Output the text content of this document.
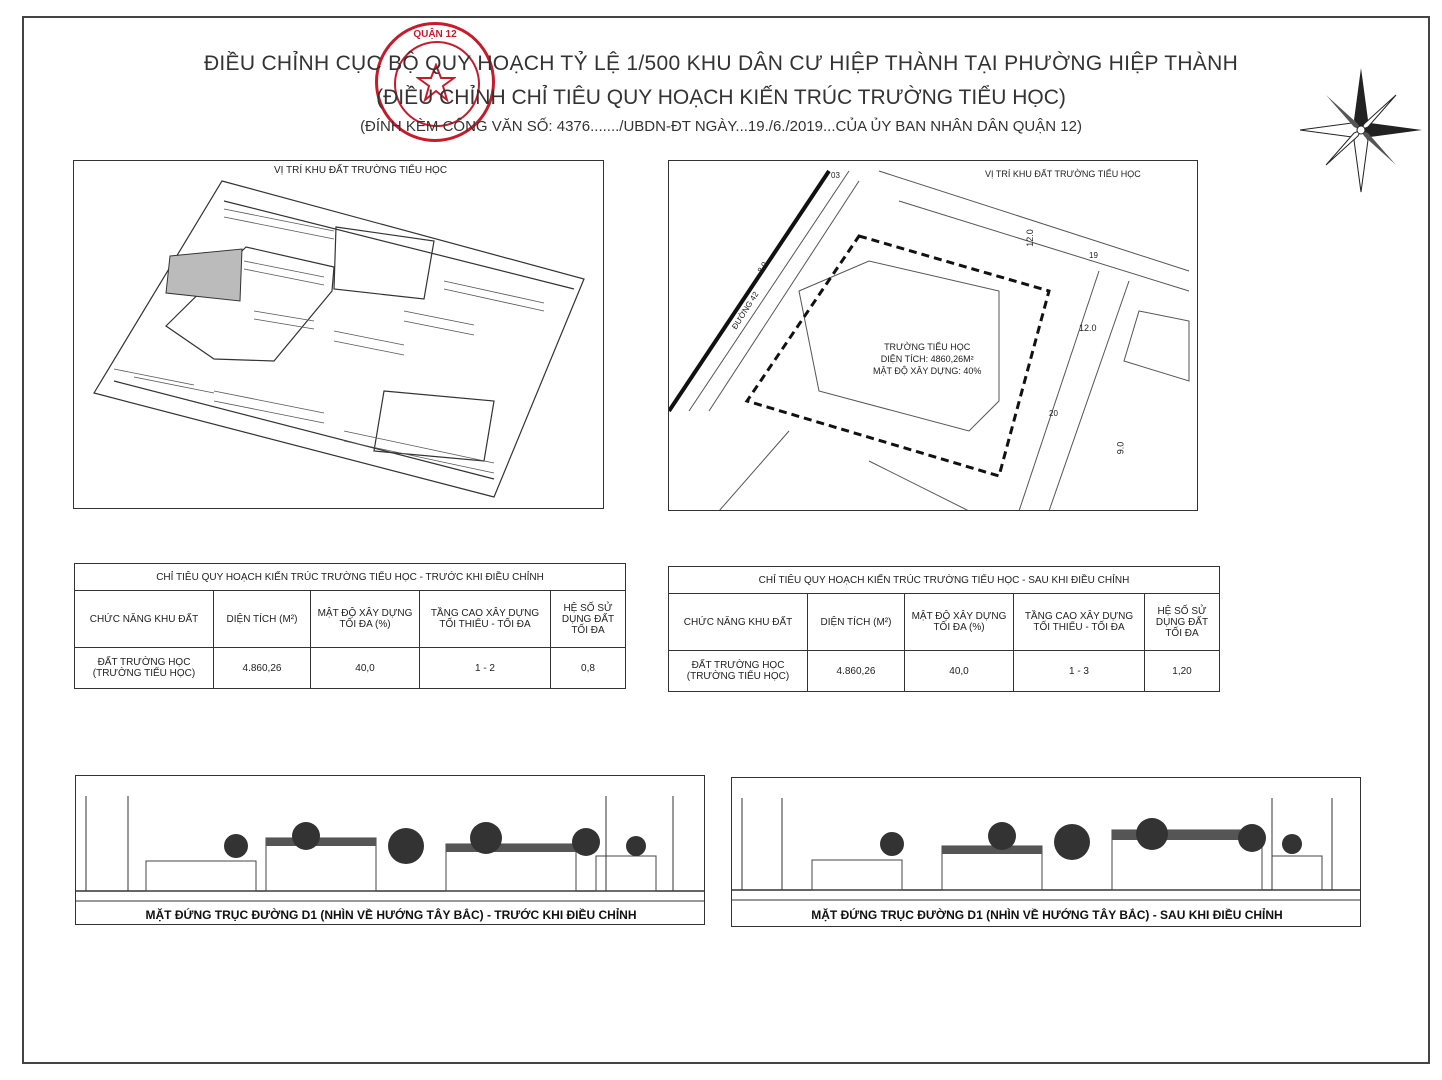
QUẬN 12
ĐIỀU CHỈNH CỤC BỘ QUY HOẠCH TỶ LỆ 1/500 KHU DÂN CƯ HIỆP THÀNH TẠI PHƯỜNG HIỆP THÀNH
(ĐIỀU CHỈNH CHỈ TIÊU QUY HOẠCH KIẾN TRÚC TRƯỜNG TIỂU HỌC)
(ĐÍNH KÈM CÔNG VĂN SỐ: 4376......./UBDN-ĐT NGÀY...19./6./2019...CỦA ỦY BAN NHÂN DÂN QUẬN 12)
VỊ TRÍ KHU ĐẤT TRƯỜNG TIỂU HỌC	VỊ TRÍ KHU ĐẤT TRƯỜNG TIỂU HỌC
TRƯỜNG TIỂU HỌC
DIỆN TÍCH: 4860,26M²
MẬT ĐỘ XÂY DỰNG: 40%
ĐƯỜNG 42
03
12.0
19
12.0
20
9.0
8.0
CHỈ TIÊU QUY HOẠCH KIẾN TRÚC TRƯỜNG TIỂU HỌC - TRƯỚC KHI ĐIỀU CHỈNH				
CHỨC NĂNG KHU ĐẤT	DIỆN TÍCH (M²)	MẬT ĐỘ XÂY DỰNG TỐI ĐA (%)	TẦNG CAO XÂY DỰNG TỐI THIỂU - TỐI ĐA	HỆ SỐ SỬ DỤNG ĐẤT TỐI ĐA
ĐẤT TRƯỜNG HỌC (TRƯỜNG TIỂU HỌC)	4.860,26	40,0	1 - 2	0,8
CHỈ TIÊU QUY HOẠCH KIẾN TRÚC TRƯỜNG TIỂU HỌC - SAU KHI ĐIỀU CHỈNH				
CHỨC NĂNG KHU ĐẤT	DIỆN TÍCH (M²)	MẬT ĐỘ XÂY DỰNG TỐI ĐA (%)	TẦNG CAO XÂY DỰNG TỐI THIỂU - TỐI ĐA	HỆ SỐ SỬ DỤNG ĐẤT TỐI ĐA
ĐẤT TRƯỜNG HỌC (TRƯỜNG TIỂU HỌC)	4.860,26	40,0	1 - 3	1,20
MẶT ĐỨNG TRỤC ĐƯỜNG D1 (NHÌN VỀ HƯỚNG TÂY BẮC) - TRƯỚC KHI ĐIỀU CHỈNH	MẶT ĐỨNG TRỤC ĐƯỜNG D1 (NHÌN VỀ HƯỚNG TÂY BẮC) - SAU KHI ĐIỀU CHỈNH
